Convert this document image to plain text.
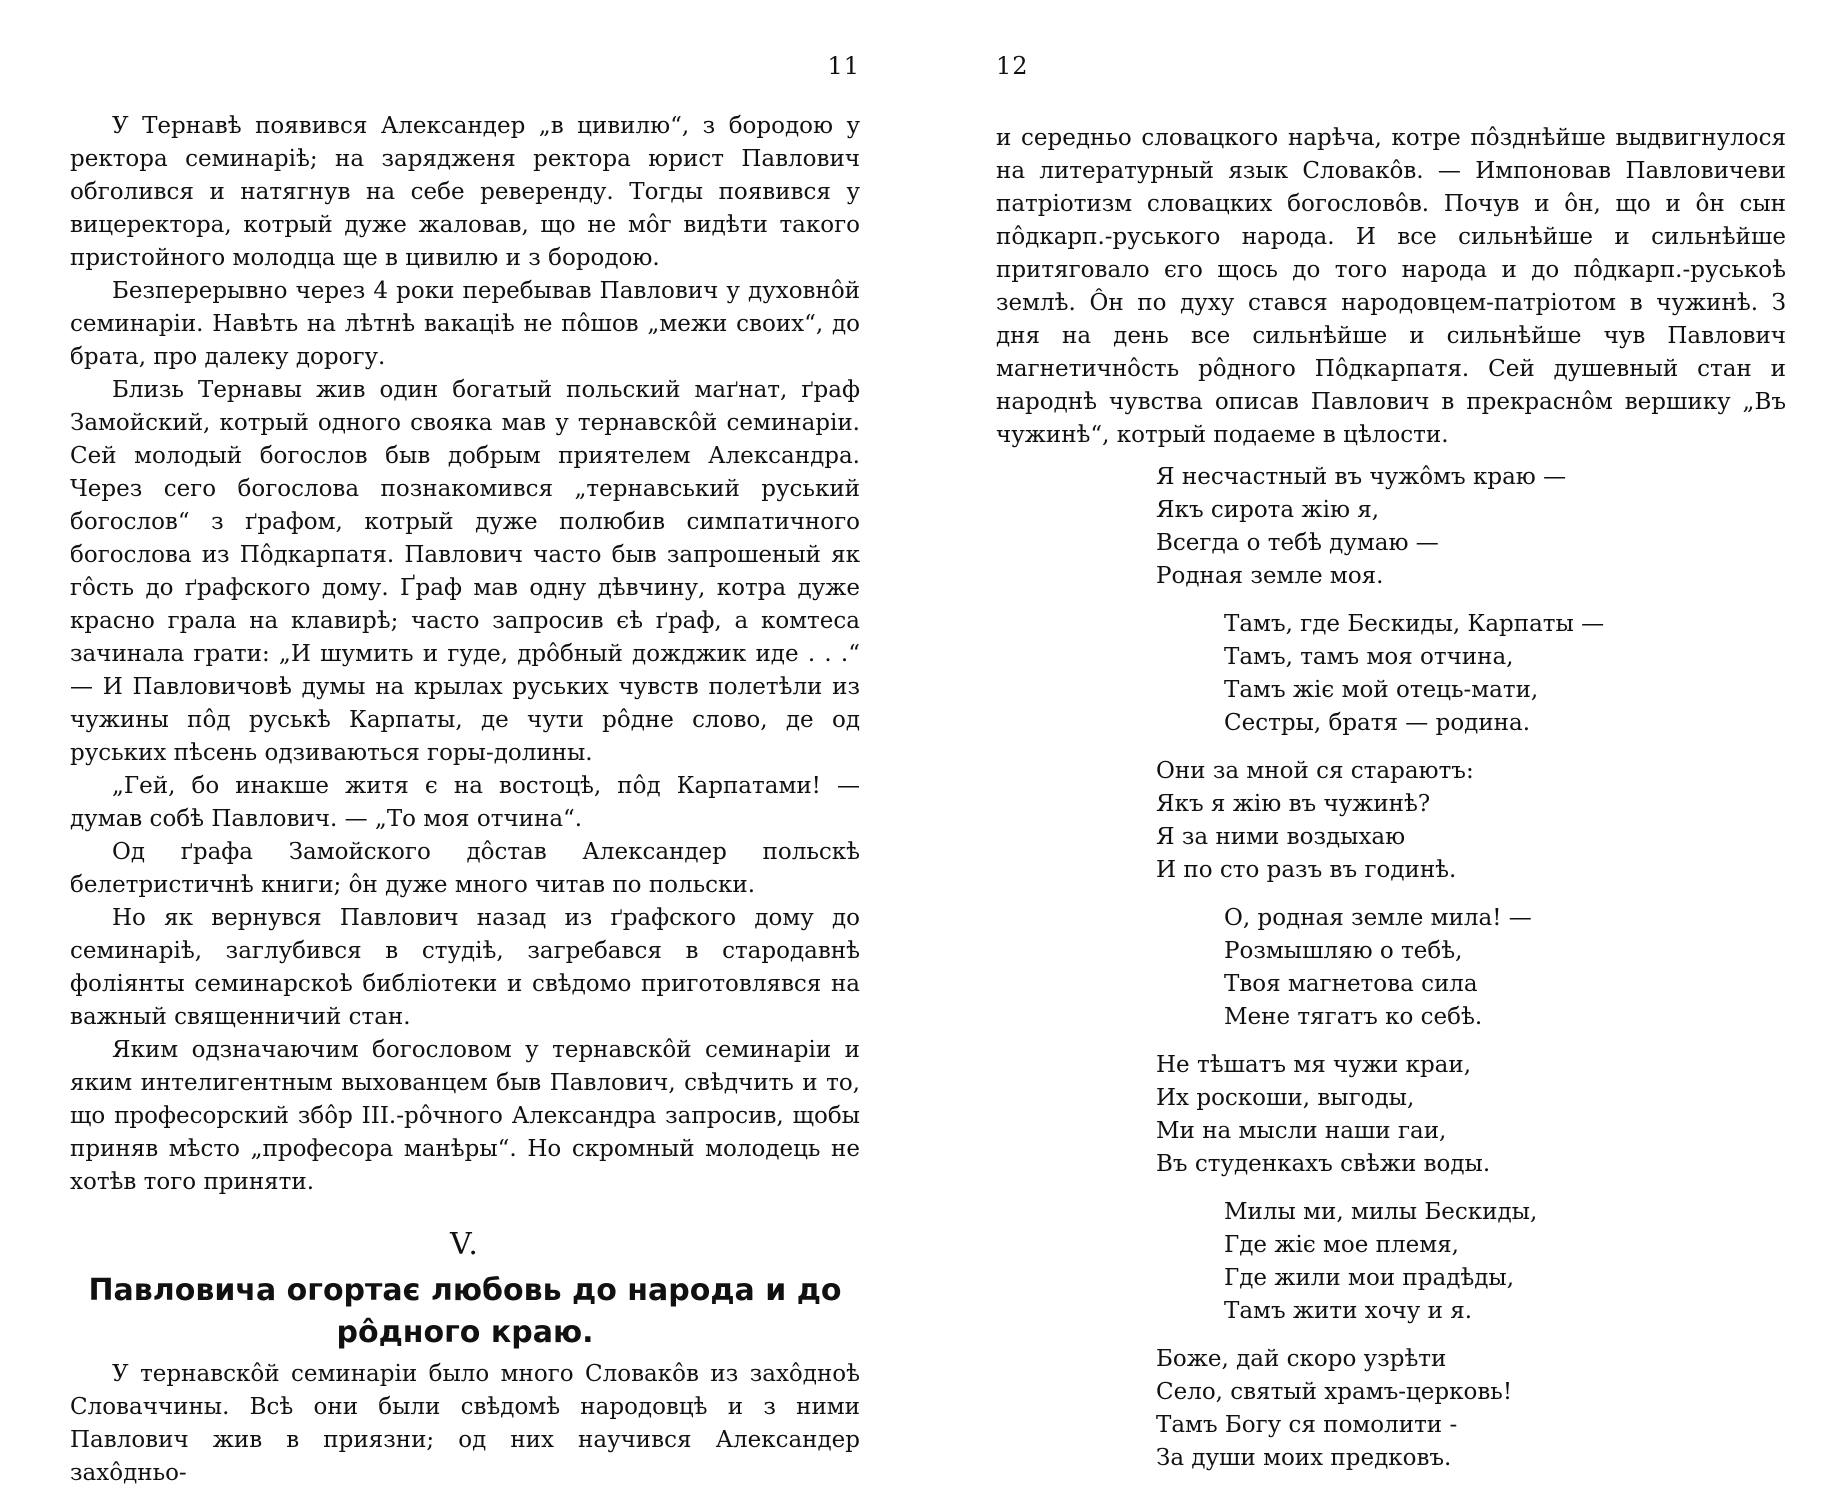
11

У Тернавѣ появився Александер „в цивилю“, з бородою у ректора семинаріѣ; на зарядженя ректора юрист Павлович обголився и натягнув на себе реверенду. Тогды появився у вицеректора, котрый дуже жаловав, що не мôг видѣти такого пристойного молодца ще в цивилю и з бородою.

Безперерывно через 4 роки перебывав Павлович у духовнôй семинаріи. Навѣть на лѣтнѣ вакацiѣ не пôшов „межи своих“, до брата, про далеку дорогу.

Близь Тернавы жив один богатый польский маґнат, ґраф Замойский, котрый одного свояка мав у тернавскôй семинаріи. Сей молодый богослов быв добрым приятелем Александра. Через сего богослова познакомився „тернавський руський богослов“ з ґрафом, котрый дуже полюбив симпатичного богослова из Пôдкарпатя. Павлович часто быв запрошеный як гôсть до ґрафского дому. Ґраф мав одну дѣвчину, котра дуже красно грала на клавирѣ; часто запросив єѣ ґраф, а комтеса зачинала грати: „И шумить и гуде, дрôбный дожджик иде . . .“ — И Павловичовѣ думы на крылах руських чувств полетѣли из чужины пôд руськѣ Карпаты, де чути рôдне слово, де од руських пѣсень одзиваються горы-долины.

„Гей, бо инакше житя є на востоцѣ, пôд Карпатами! — думав собѣ Павлович. — „То моя отчина“.

Од ґрафа Замойского дôстав Александер польскѣ белетристичнѣ книги; ôн дуже много читав по польски.

Но як вернувся Павлович назад из ґрафского дому до семинаріѣ, заглубився в студiѣ, загребався в стародавнѣ фоліянты семинарскоѣ библіотеки и свѣдомо приготовлявся на важный священничий стан.

Яким одзначаючим богословом у тернавскôй семинаріи и яким интелигентным выхованцем быв Павлович, свѣдчить и то, що професорский збôр III.-рôчного Александра запросив, щобы приняв мѣсто „професора манѣры“. Но скромный молодець не хотѣв того приняти.

V.
Павловича огортає любовь до народа и до
рôдного краю.

У тернавскôй семинаріи было много Словакôв из захôдноѣ Словаччины. Всѣ они были свѣдомѣ народовцѣ и з ними Павлович жив в приязни; од них научився Александер захôдньо-

12

и середньо словацкого нарѣча, котре пôзднѣйше выдвигнулося на литературный язык Словакôв. — Импоновав Павловичеви патріотизм словацких богословôв. Почув и ôн, що и ôн сын пôдкарп.-руського народа. И все сильнѣйше и сильнѣйше притяговало єго щось до того народа и до пôдкарп.-руськоѣ землѣ. Ôн по духу стався народовцем-патріотом в чужинѣ. З дня на день все сильнѣйше и сильнѣйше чув Павлович магнетичнôсть рôдного Пôдкарпатя. Сей душевный стан и народнѣ чувства описав Павлович в прекраснôм вершику „Въ чужинѣ“, котрый подаеме в цѣлости.

Я несчастный въ чужôмъ краю —
Якъ сирота жiю я,
Всегда о тебѣ думаю —
Родная земле моя.
Тамъ, где Бескиды, Карпаты —
Тамъ, тамъ моя отчина,
Тамъ жiє мой отець-мати,
Сестры, братя — родина.
Они за мной ся стараютъ:
Якъ я жiю въ чужинѣ?
Я за ними воздыхаю
И по сто разъ въ годинѣ.
О, родная земле мила! —
Розмышляю о тебѣ,
Твоя магнетова сила
Мене тягатъ ко себѣ.
Не тѣшатъ мя чужи краи,
Их роскоши, выгоды,
Ми на мысли наши гаи,
Въ студенкахъ свѣжи воды.
Милы ми, милы Бескиды,
Где жiє мое племя,
Где жили мои прадѣды,
Тамъ жити хочу и я.
Боже, дай скоро узрѣти
Село, святый храмъ-церковь!
Тамъ Богу ся помолити -
За души моих предковъ.
